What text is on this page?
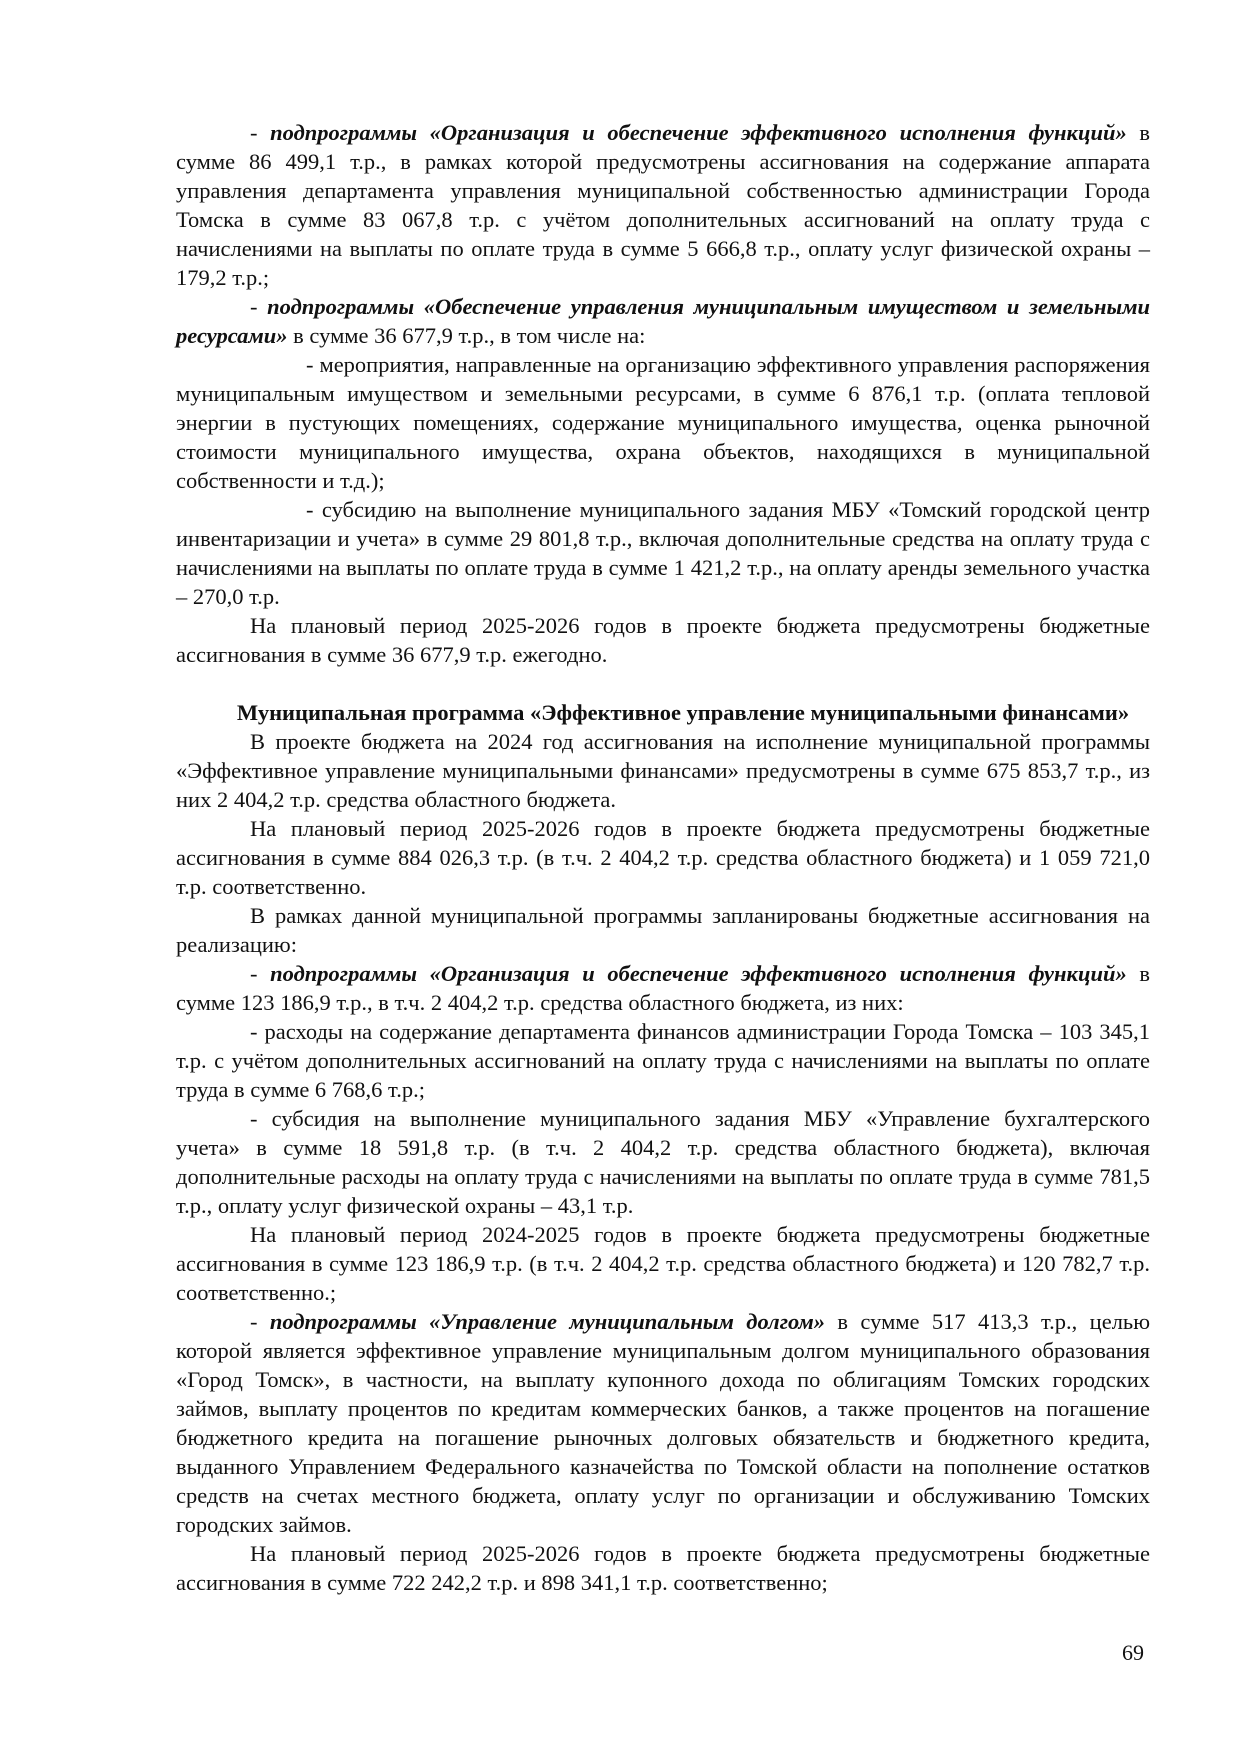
- подпрограммы «Организация и обеспечение эффективного исполнения функций» в сумме 86 499,1 т.р., в рамках которой предусмотрены ассигнования на содержание аппарата управления департамента управления муниципальной собственностью администрации Города Томска в сумме 83 067,8 т.р. с учётом дополнительных ассигнований на оплату труда с начислениями на выплаты по оплате труда в сумме 5 666,8 т.р., оплату услуг физической охраны – 179,2 т.р.;

- подпрограммы «Обеспечение управления муниципальным имуществом и земельными ресурсами» в сумме 36 677,9 т.р., в том числе на:

- мероприятия, направленные на организацию эффективного управления распоряжения муниципальным имуществом и земельными ресурсами, в сумме 6 876,1 т.р. (оплата тепловой энергии в пустующих помещениях, содержание муниципального имущества, оценка рыночной стоимости муниципального имущества, охрана объектов, находящихся в муниципальной собственности и т.д.);

- субсидию на выполнение муниципального задания МБУ «Томский городской центр инвентаризации и учета» в сумме 29 801,8 т.р., включая дополнительные средства на оплату труда с начислениями на выплаты по оплате труда в сумме 1 421,2 т.р., на оплату аренды земельного участка – 270,0 т.р.

На плановый период 2025-2026 годов в проекте бюджета предусмотрены бюджетные ассигнования в сумме 36 677,9 т.р. ежегодно.

Муниципальная программа «Эффективное управление муниципальными финансами»

В проекте бюджета на 2024 год ассигнования на исполнение муниципальной программы «Эффективное управление муниципальными финансами» предусмотрены в сумме 675 853,7 т.р., из них 2 404,2 т.р. средства областного бюджета.

На плановый период 2025-2026 годов в проекте бюджета предусмотрены бюджетные ассигнования в сумме 884 026,3 т.р. (в т.ч. 2 404,2 т.р. средства областного бюджета) и 1 059 721,0 т.р. соответственно.

В рамках данной муниципальной программы запланированы бюджетные ассигнования на реализацию:

- подпрограммы «Организация и обеспечение эффективного исполнения функций» в сумме 123 186,9 т.р., в т.ч. 2 404,2 т.р. средства областного бюджета, из них:

- расходы на содержание департамента финансов администрации Города Томска – 103 345,1 т.р. с учётом дополнительных ассигнований на оплату труда с начислениями на выплаты по оплате труда в сумме 6 768,6 т.р.;

- субсидия на выполнение муниципального задания МБУ «Управление бухгалтерского учета» в сумме 18 591,8 т.р. (в т.ч. 2 404,2 т.р. средства областного бюджета), включая дополнительные расходы на оплату труда с начислениями на выплаты по оплате труда в сумме 781,5 т.р., оплату услуг физической охраны – 43,1 т.р.

На плановый период 2024-2025 годов в проекте бюджета предусмотрены бюджетные ассигнования в сумме 123 186,9 т.р. (в т.ч. 2 404,2 т.р. средства областного бюджета) и 120 782,7 т.р. соответственно.;

- подпрограммы «Управление муниципальным долгом» в сумме 517 413,3 т.р., целью которой является эффективное управление муниципальным долгом муниципального образования «Город Томск», в частности, на выплату купонного дохода по облигациям Томских городских займов, выплату процентов по кредитам коммерческих банков, а также процентов на погашение бюджетного кредита на погашение рыночных долговых обязательств и бюджетного кредита, выданного Управлением Федерального казначейства по Томской области на пополнение остатков средств на счетах местного бюджета, оплату услуг по организации и обслуживанию Томских городских займов.

На плановый период 2025-2026 годов в проекте бюджета предусмотрены бюджетные ассигнования в сумме 722 242,2 т.р. и 898 341,1 т.р. соответственно;

69
